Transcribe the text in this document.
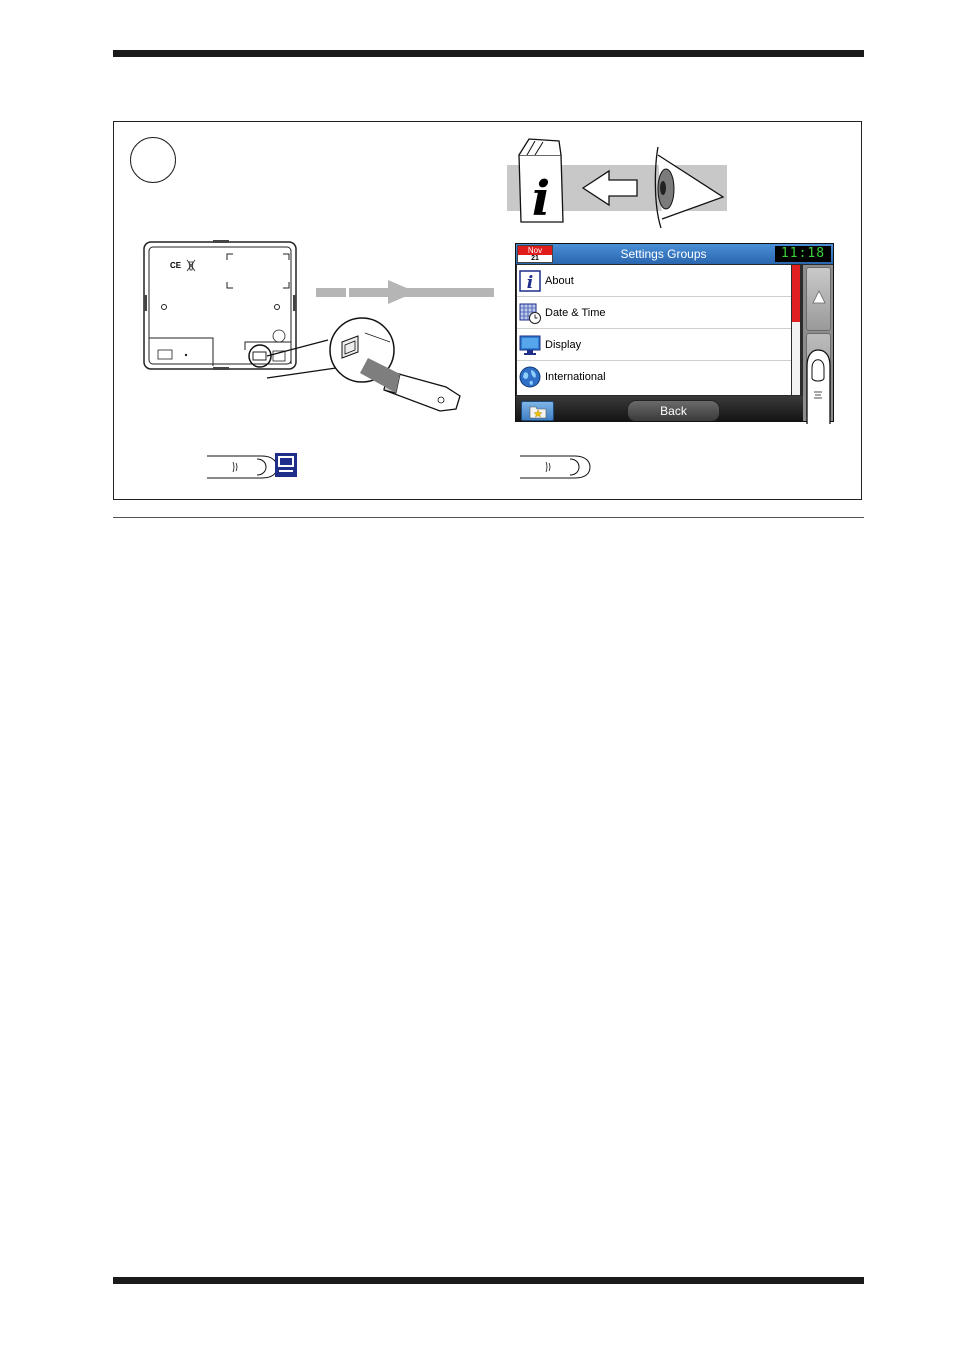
i
CE
Nov
21	Settings Groups	11:18
i About
Date & Time
Display
International
Back
